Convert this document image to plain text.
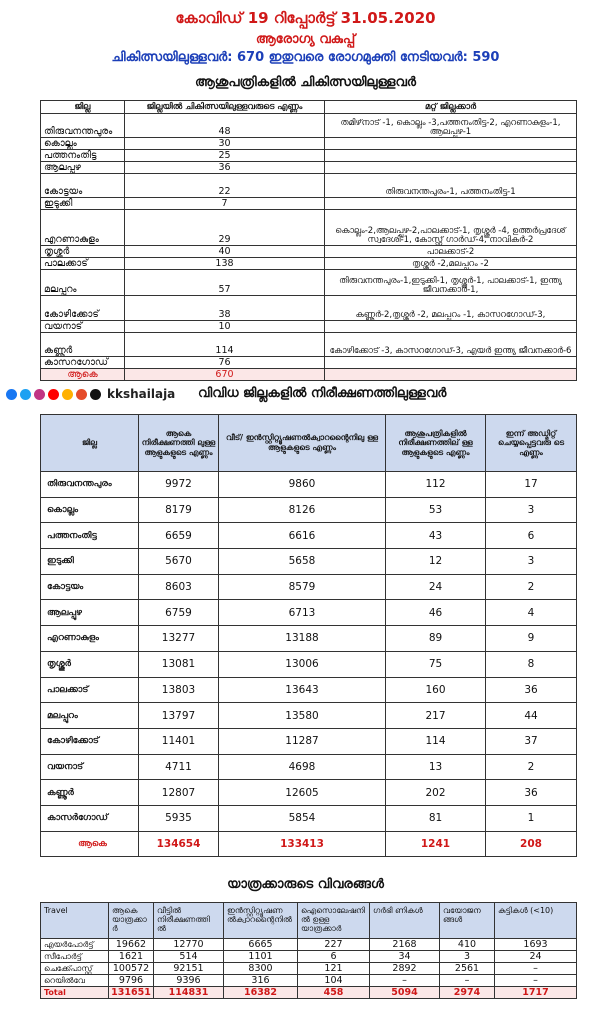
കോവിഡ് 19 റിപ്പോർട്ട് 31.05.2020
ആരോഗ്യ വകുപ്പ്
ചികിത്സയിലുള്ളവർ: 670 ഇതുവരെ രോഗമുക്തി നേടിയവർ: 590
ആശുപത്രികളിൽ ചികിത്സയിലുള്ളവർ
ജില്ല	ജില്ലയിൽ ചികിത്സയിലുള്ളവരുടെ എണ്ണം	മറ്റ് ജില്ലക്കാർ
തിരുവനന്തപുരം	48	തമിഴ്‌നാട് -1, കൊല്ലം -3,പത്തനംതിട്ട-2, എറണാകുളം-1, ആലപ്പുഴ-1
കൊല്ലം	30	
പത്തനംതിട്ട	25	
ആലപ്പുഴ	36	
കോട്ടയം	22	തിരുവനന്തപുരം-1, പത്തനംതിട്ട-1
ഇടുക്കി	7	
എറണാകുളം	29	കൊല്ലം-2,ആലപ്പുഴ-2,പാലക്കാട്-1, തൃശ്ശൂർ -4, ഉത്തർപ്രദേശ് സ്വദേശി-1, കോസ്റ്റ് ഗാർഡ്-4, നാവികർ-2
തൃശ്ശൂർ	40	പാലക്കാട്-2
പാലക്കാട്	138	തൃശ്ശൂർ -2,മലപ്പുറം -2
മലപ്പുറം	57	തിരുവനന്തപുരം-1,ഇടുക്കി-1, തൃശ്ശൂർ-1, പാലക്കാട്-1, ഇന്ത്യ ജീവനക്കാർ-1,
കോഴിക്കോട്	38	കണ്ണൂർ-2,തൃശ്ശൂർ -2, മലപ്പുറം -1, കാസറഗോഡ്-3,
വയനാട്	10	
കണ്ണൂർ	114	കോഴിക്കോട് -3, കാസറഗോഡ്-3, എയർ ഇന്ത്യ ജീവനക്കാർ-6
കാസറഗോഡ്	76	
ആകെ	670	
kkshailaja വിവിധ ജില്ലകളിൽ നിരീക്ഷണത്തിലുള്ളവർ
ജില്ല	ആകെ നിരീക്ഷണത്തി ലുള്ള ആളുകളുടെ എണ്ണം	വീട്/ ഇൻസ്റ്റിറ്റ്യൂഷണൽക്വാറന്റൈനിലു ള്ള ആളുകളുടെ എണ്ണം	ആശുപത്രികളിൽ നിരീക്ഷണത്തില് ള്ള ആളുകളുടെ എണ്ണം	ഇന്ന് അഡ്മിറ്റ് ചെയ്യപ്പെട്ടവരു ടെ എണ്ണം
തിരുവനന്തപുരം	9972	9860	112	17
കൊല്ലം	8179	8126	53	3
പത്തനംതിട്ട	6659	6616	43	6
ഇടുക്കി	5670	5658	12	3
കോട്ടയം	8603	8579	24	2
ആലപ്പുഴ	6759	6713	46	4
എറണാകുളം	13277	13188	89	9
തൃശ്ശൂർ	13081	13006	75	8
പാലക്കാട്	13803	13643	160	36
മലപ്പുറം	13797	13580	217	44
കോഴിക്കോട്	11401	11287	114	37
വയനാട്	4711	4698	13	2
കണ്ണൂർ	12807	12605	202	36
കാസർഗോഡ്	5935	5854	81	1
ആകെ	134654	133413	1241	208
യാത്രക്കാരുടെ വിവരങ്ങൾ
Travel	ആകെ യാത്രക്കാ ർ	വീട്ടിൽ നിരീക്ഷണത്തി ൽ	ഇൻസ്റ്റിറ്റ്യൂഷണ ൽക്വാറന്റൈനിൽ	ഐസൊലേഷനി ൽ ഉള്ള യാത്രക്കാർ	ഗർഭി ണികൾ	വയോജന ങ്ങൾ	കുട്ടികൾ (<10)
എയർപോർട്ട്	19662	12770	6665	227	2168	410	1693
സീപോർട്ട്	1621	514	1101	6	34	3	24
ചെക്ക്പോസ്റ്റ്	100572	92151	8300	121	2892	2561	–
റെയിൽവേ	9796	9396	316	104	–	–	–
Total	131651	114831	16382	458	5094	2974	1717
